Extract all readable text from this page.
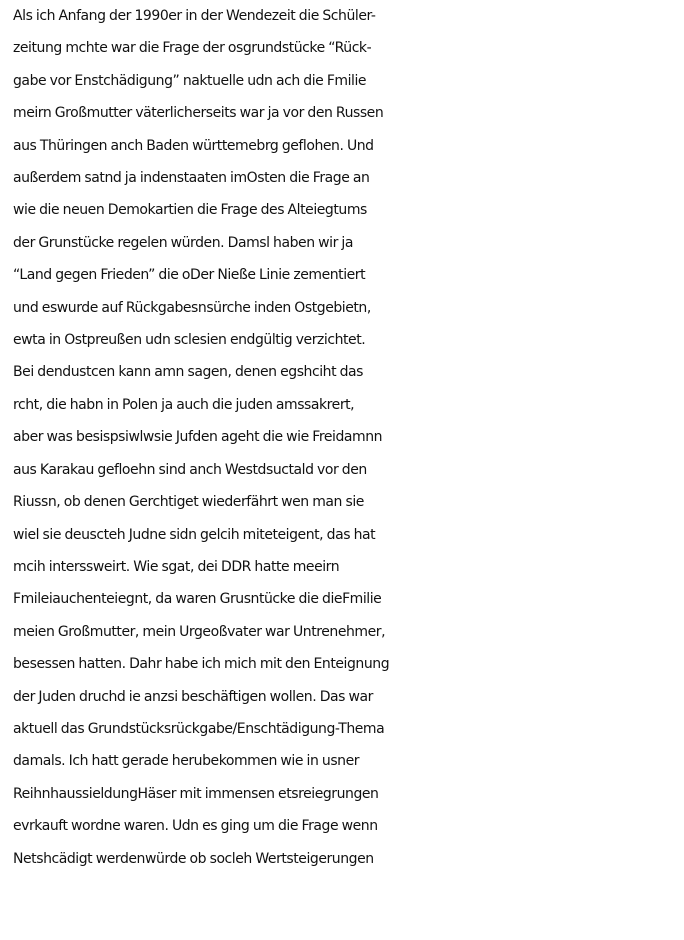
Als ich Anfang der 1990er in der Wendezeit die Schüler-
zeitung mchte war die Frage der osgrundstücke “Rück-
gabe vor Enstchädigung” naktuelle udn ach die Fmilie
meirn Großmutter väterlicherseits war ja vor den Russen
aus Thüringen anch Baden württemebrg geflohen. Und
außerdem satnd ja indenstaaten imOsten die Frage an
wie die neuen Demokartien die Frage des Alteiegtums
der Grunstücke regelen würden. Damsl haben wir ja
“Land gegen Frieden” die oDer Nieße Linie zementiert
und eswurde auf Rückgabesnsürche inden Ostgebietn,
ewta in Ostpreußen udn sclesien endgültig verzichtet.
Bei dendustcen kann amn sagen, denen egshciht das
rcht, die habn in Polen ja auch die juden amssakrert,
aber was besispsiwlwsie Jufden ageht die wie Freidamnn
aus Karakau gefloehn sind anch Westdsuctald vor den
Riussn, ob denen Gerchtiget wiederfährt wen man sie
wiel sie deuscteh Judne sidn gelcih miteteigent, das hat
mcih interssweirt. Wie sgat, dei DDR hatte meeirn
Fmileiauchenteiegnt, da waren Grusntücke die dieFmilie
meien Großmutter, mein Urgeoßvater war Untrenehmer,
besessen hatten. Dahr habe ich mich mit den Enteignung
der Juden druchd ie anzsi beschäftigen wollen. Das war
aktuell das Grundstücksrückgabe/Enschtädigung-Thema
damals. Ich hatt gerade herubekommen wie in usner
ReihnhaussieldungHäser mit immensen etsreiegrungen
evrkauft wordne waren. Udn es ging um die Frage wenn
Netshcädigt werdenwürde ob socleh Wertsteigerungen
